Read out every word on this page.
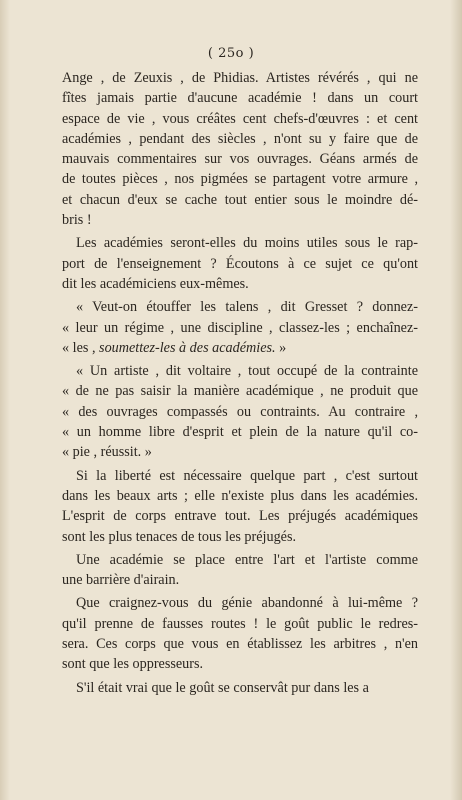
( 25o )
Ange , de Zeuxis , de Phidias. Artistes révérés , qui ne
fîtes jamais partie d'aucune académie ! dans un court
espace de vie , vous créâtes cent chefs-d'œuvres : et cent
académies , pendant des siècles , n'ont su y faire que de
mauvais commentaires sur vos ouvrages. Géans armés de
de toutes pièces , nos pigmées se partagent votre armure ,
et chacun d'eux se cache tout entier sous le moindre dé-
bris !
Les académies seront-elles du moins utiles sous le rap-
port de l'enseignement ? Écoutons à ce sujet ce qu'ont
dit les académiciens eux-mêmes.
« Veut-on étouffer les talens , dit Gresset ? donnez-
« leur un régime , une discipline , classez-les ; enchaînez-
« les , soumettez-les à des académies. »
« Un artiste , dit voltaire , tout occupé de la contrainte
« de ne pas saisir la manière académique , ne produit que
« des ouvrages compassés ou contraints. Au contraire ,
« un homme libre d'esprit et plein de la nature qu'il co-
« pie , réussit. »
Si la liberté est nécessaire quelque part , c'est surtout
dans les beaux arts ; elle n'existe plus dans les académies.
L'esprit de corps entrave tout. Les préjugés académiques
sont les plus tenaces de tous les préjugés.
Une académie se place entre l'art et l'artiste comme
une barrière d'airain.
Que craignez-vous du génie abandonné à lui-même ?
qu'il prenne de fausses routes ! le goût public le redres-
sera. Ces corps que vous en établissez les arbitres , n'en
sont que les oppresseurs.
S'il était vrai que le goût se conservât pur dans les a
